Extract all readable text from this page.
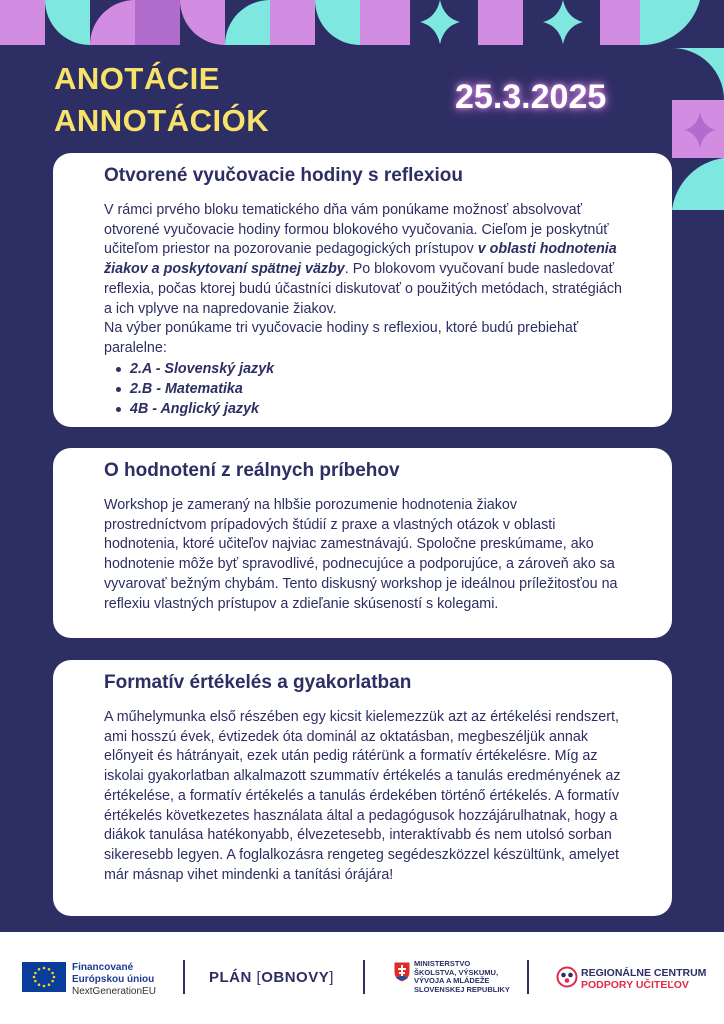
ANOTÁCIE
ANNOTÁCIÓK
25.3.2025
Otvorené vyučovacie hodiny s reflexiou

V rámci prvého bloku tematického dňa vám ponúkame možnosť absolvovať otvorené vyučovacie hodiny formou blokového vyučovania. Cieľom je poskytnúť učiteľom priestor na pozorovanie pedagogických prístupov v oblasti hodnotenia žiakov a poskytovaní spätnej väzby. Po blokovom vyučovaní bude nasledovať reflexia, počas ktorej budú účastníci diskutovať o použitých metódach, stratégiách a ich vplyve na napredovanie žiakov.
Na výber ponúkame tri vyučovacie hodiny s reflexiou, ktoré budú prebiehať paralelne:

2.A - Slovenský jazyk
2.B - Matematika
4B - Anglický jazyk
O hodnotení z reálnych príbehov

Workshop je zameraný na hlbšie porozumenie hodnotenia žiakov prostredníctvom prípadových štúdií z praxe a vlastných otázok v oblasti hodnotenia, ktoré učiteľov najviac zamestnávajú. Spoločne preskúmame, ako hodnotenie môže byť spravodlivé, podnecujúce a podporujúce, a zároveň ako sa vyvarovať bežným chybám. Tento diskusný workshop je ideálnou príležitosťou na reflexiu vlastných prístupov a zdieľanie skúseností s kolegami.

Formatív értékelés a gyakorlatban

A műhelymunka első részében egy kicsit kielemezzük azt az értékelési rendszert, ami hosszú évek, évtizedek óta dominál az oktatásban, megbeszéljük annak előnyeit és hátrányait, ezek után pedig rátérünk a formatív értékelésre. Míg az iskolai gyakorlatban alkalmazott szummatív értékelés a tanulás eredményének az értékelése, a formatív értékelés a tanulás érdekében történő értékelés. A formatív értékelés következetes használata által a pedagógusok hozzájárulhatnak, hogy a diákok tanulása hatékonyabb, élvezetesebb, interaktívabb és nem utolsó sorban sikeresebb legyen. A foglalkozásra rengeteg segédeszközzel készültünk, amelyet már másnap vihet mindenki a tanítási órájára!

Financované
Európskou úniou
NextGenerationEU
PLÁN [OBNOVY]
MINISTERSTVO
ŠKOLSTVA, VÝSKUMU,
VÝVOJA A MLÁDEŽE
SLOVENSKEJ REPUBLIKY
REGIONÁLNE CENTRUM
PODPORY UČITEĽOV
